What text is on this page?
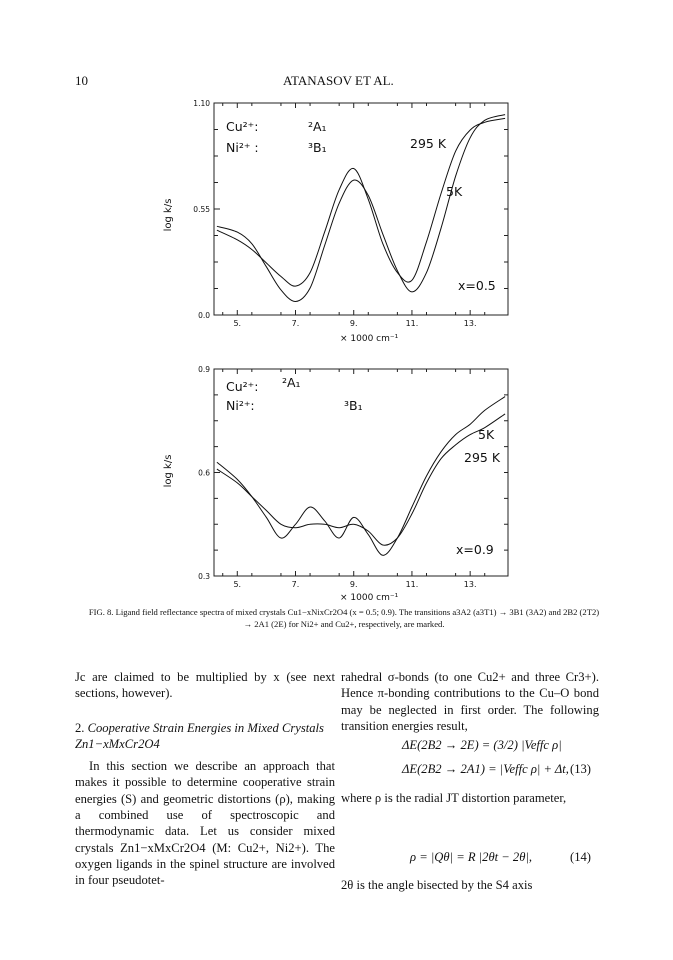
10	ATANASOV ET AL.
log k/s
5.	7.	9.	11.	13.
0.0
0.55
1.10
Cu²⁺:
Ni²⁺ :
²A₁
³B₁	295 K
5K
x=0.5
× 1000 cm⁻¹
log k/s
5.	7.	9.	11.	13.
0.3
0.6
0.9
Cu²⁺:
Ni²⁺:
²A₁
³B₁
5K
295 K
x=0.9
× 1000 cm⁻¹
FIG. 8. Ligand field reflectance spectra of mixed crystals Cu1−xNixCr2O4 (x = 0.5; 0.9). The transitions a3A2 (a3T1) → 3B1 (3A2) and 2B2 (2T2) → 2A1 (2E) for Ni2+ and Cu2+, respectively, are marked.

Jc are claimed to be multiplied by x (see next sections, however).

2. Cooperative Strain Energies in Mixed Crystals Zn1−xMxCr2O4

In this section we describe an approach that makes it possible to determine cooperative strain energies (S) and geometric distortions (ρ), making a combined use of spectroscopic and thermodynamic data. Let us consider mixed crystals Zn1−xMxCr2O4 (M: Cu2+, Ni2+). The oxygen ligands in the spinel structure are involved in four pseudotet-

rahedral σ-bonds (to one Cu2+ and three Cr3+). Hence π-bonding contributions to the Cu–O bond may be neglected in first order. The following transition energies result,

ΔE(2B2 → 2E) = (3/2) |Veffc ρ|
ΔE(2B2 → 2A1) = |Veffc ρ| + Δt, (13)

where ρ is the radial JT distortion parameter,

ρ = |Qθ| = R |2θt − 2θ|,	(14)

2θ is the angle bisected by the S4 axis
